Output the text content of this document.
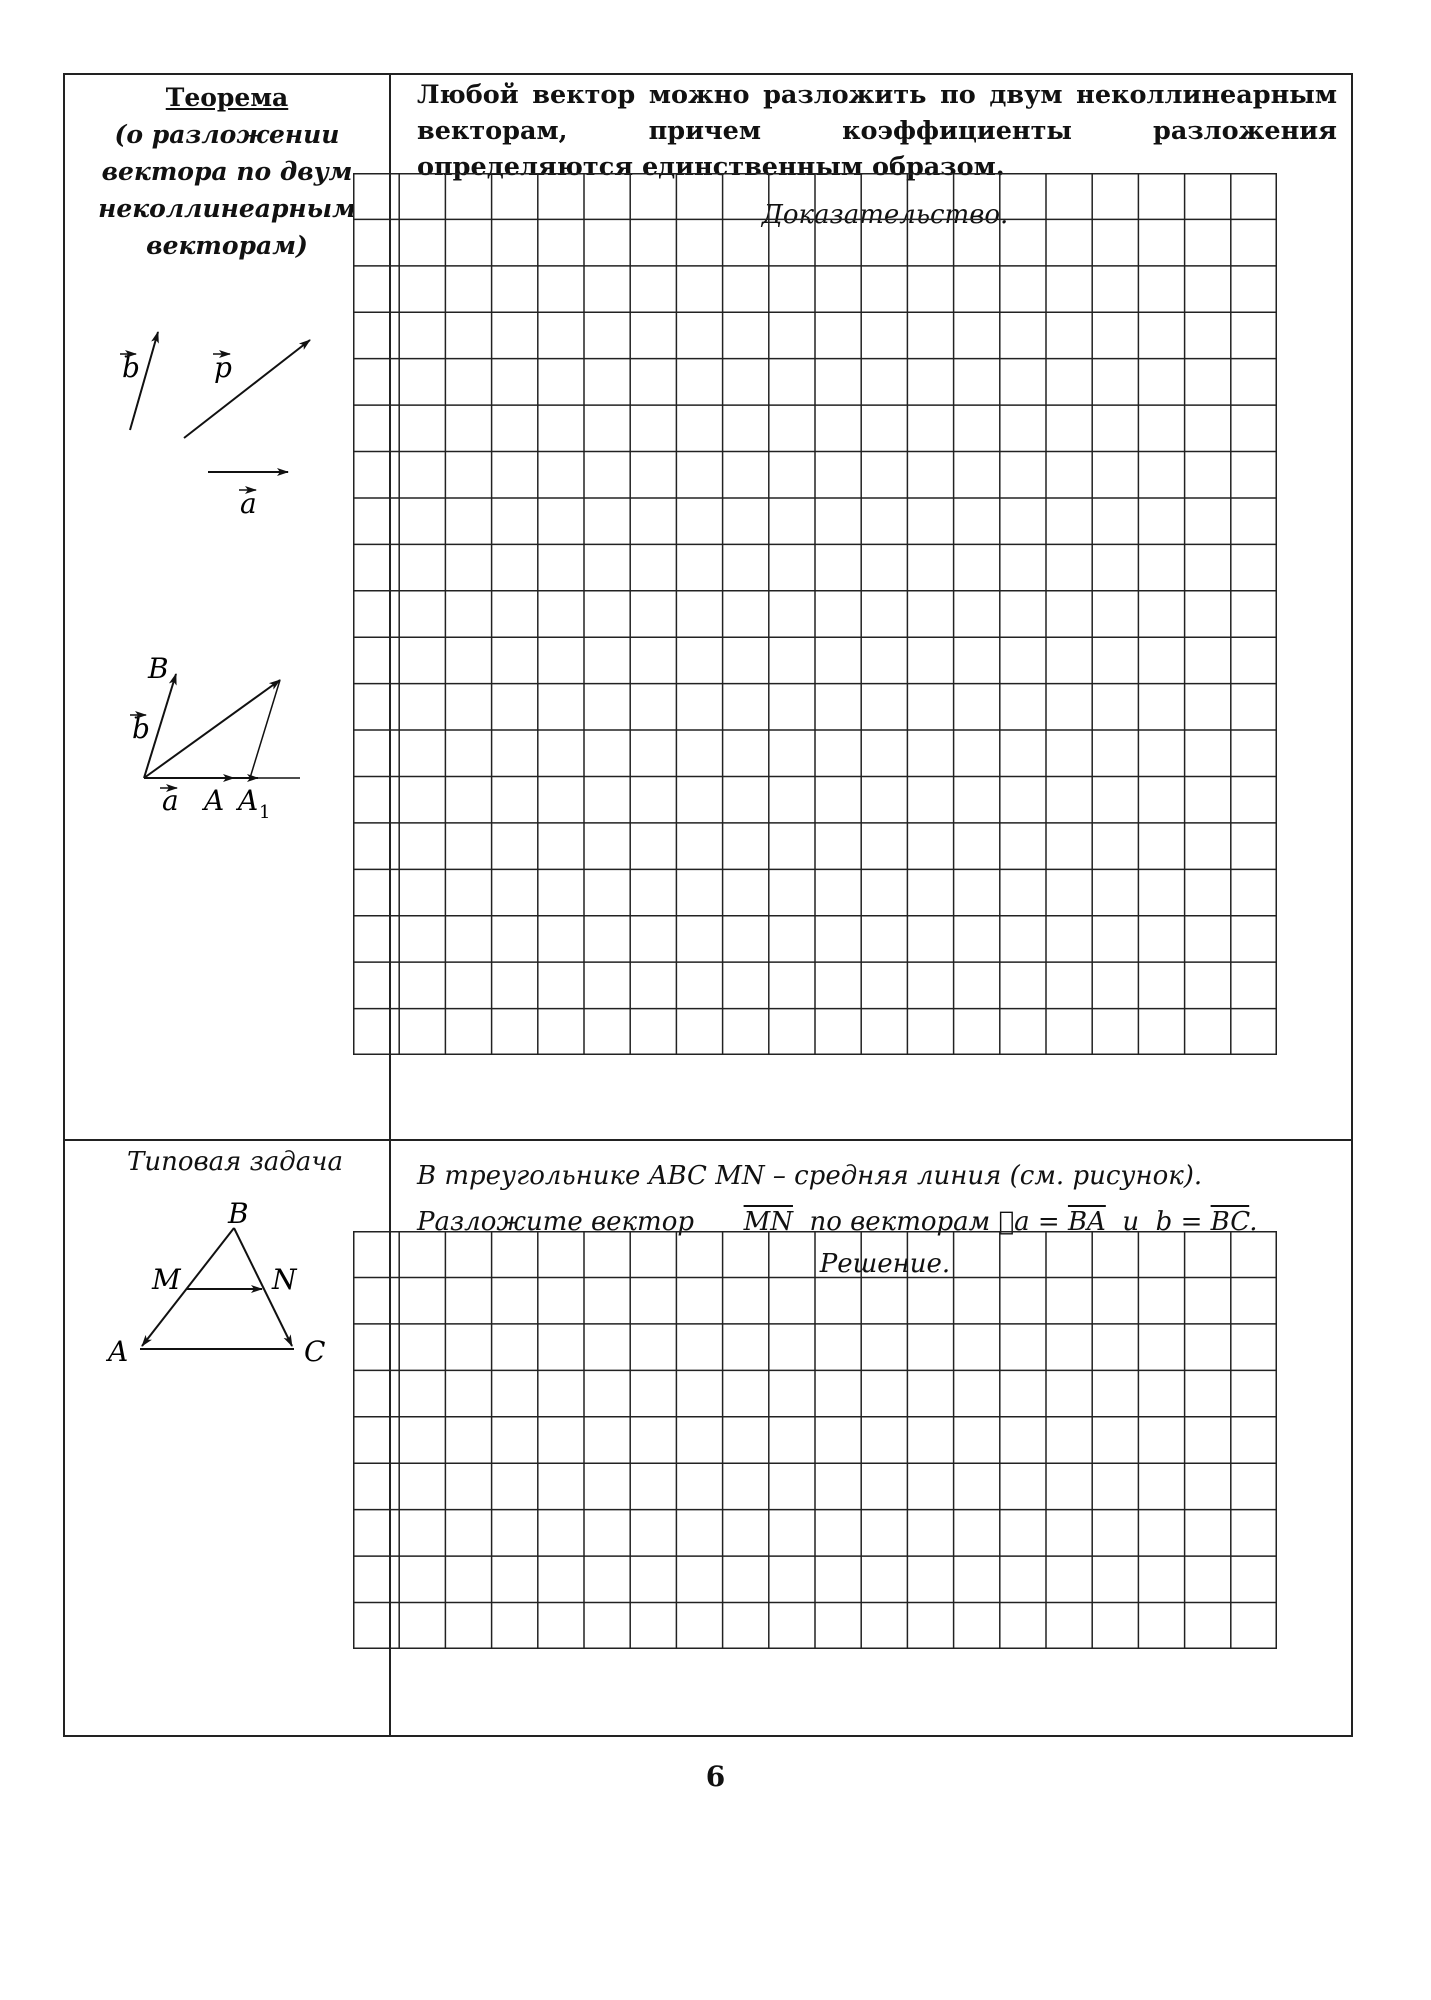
Теорема
(о разложении
вектора по двум
неколлинеарным
векторам)
Любой вектор можно разложить по двум неколлинеарным векторам, причем коэффициенты разложения определяются единственным образом.
Доказательство.
Решение.
Типовая задача	В треугольнике ABC MN – средняя линия (см. рисунок).
Разложите вектор $\overline{MN}$ по векторам $a = \overline{BA}$ и $b = \overline{BC}$.
b	p
a
B
b
a A A 1
B
M	N
A	C
6
